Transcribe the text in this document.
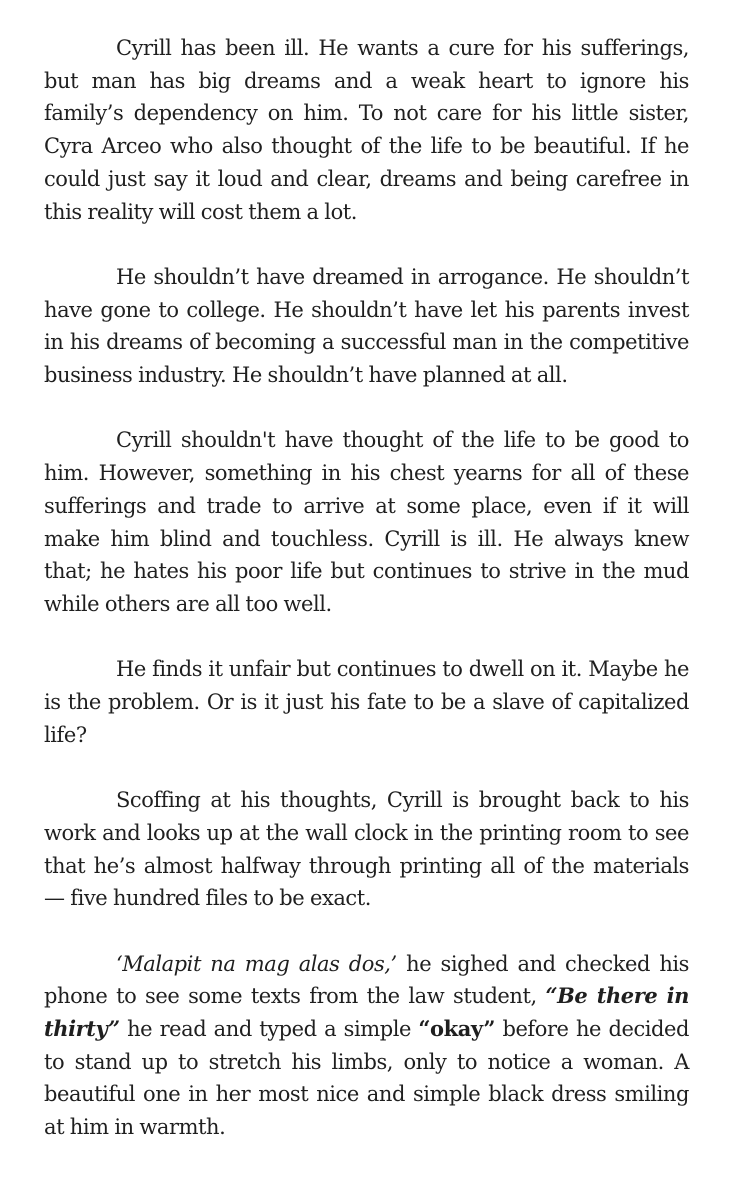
Cyrill has been ill. He wants a cure for his sufferings, but man has big dreams and a weak heart to ignore his family’s dependency on him. To not care for his little sister, Cyra Arceo who also thought of the life to be beautiful. If he could just say it loud and clear, dreams and being carefree in this reality will cost them a lot.

He shouldn’t have dreamed in arrogance. He shouldn’t have gone to college. He shouldn’t have let his parents invest in his dreams of becoming a successful man in the competitive business industry. He shouldn’t have planned at all.

Cyrill shouldn't have thought of the life to be good to him. However, something in his chest yearns for all of these sufferings and trade to arrive at some place, even if it will make him blind and touchless. Cyrill is ill. He always knew that; he hates his poor life but continues to strive in the mud while others are all too well.

He finds it unfair but continues to dwell on it. Maybe he is the problem. Or is it just his fate to be a slave of capitalized life?

Scoffing at his thoughts, Cyrill is brought back to his work and looks up at the wall clock in the printing room to see that he’s almost halfway through printing all of the materials — five hundred files to be exact.

‘Malapit na mag alas dos,’ he sighed and checked his phone to see some texts from the law student, “Be there in thirty” he read and typed a simple “okay” before he decided to stand up to stretch his limbs, only to notice a woman. A beautiful one in her most nice and simple black dress smiling at him in warmth.
